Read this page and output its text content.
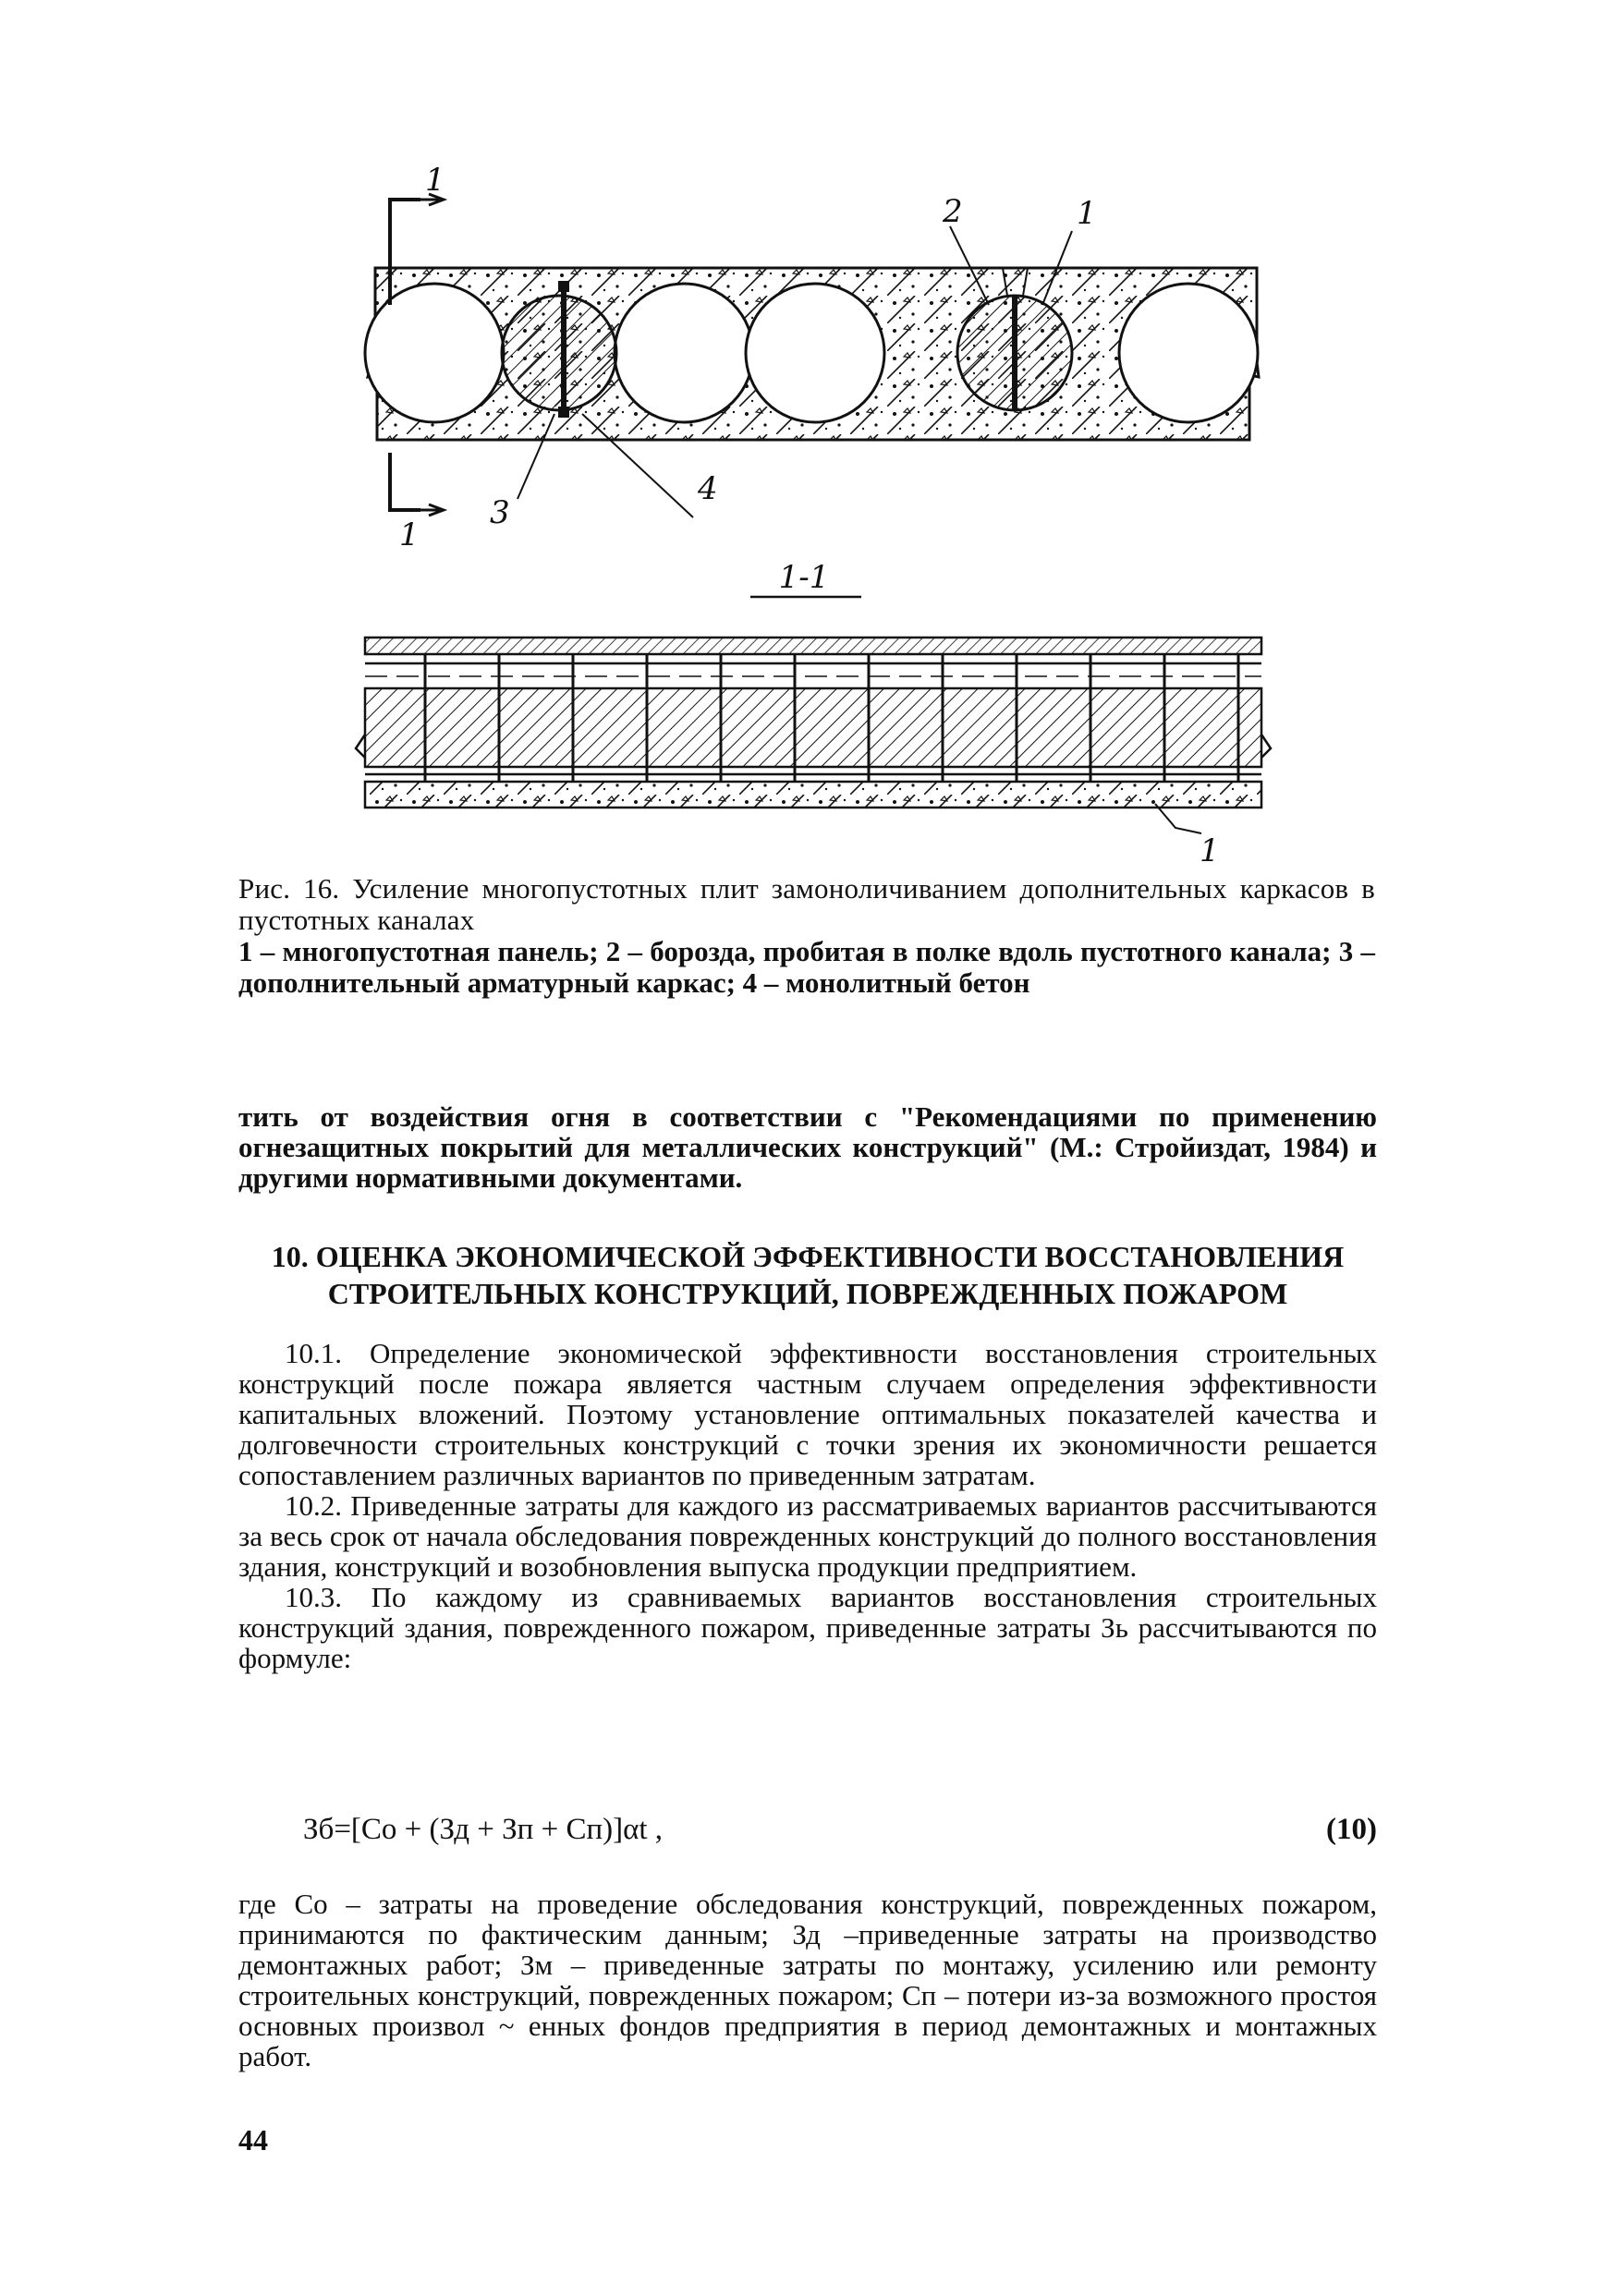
1
2	1
3
4
1
1-1
1

Рис. 16. Усиление многопустотных плит замоноличиванием дополнительных каркасов в пустотных каналах

1 – многопустотная панель; 2 – борозда, пробитая в полке вдоль пустотного канала; 3 – дополнительный арматурный каркас; 4 – монолитный бетон

тить от воздействия огня в соответствии с "Рекомендациями по применению огнезащитных покрытий для металлических конструкций" (М.: Стройиздат, 1984) и другими нормативными документами.

10. ОЦЕНКА ЭКОНОМИЧЕСКОЙ ЭФФЕКТИВНОСТИ ВОССТАНОВЛЕНИЯ
СТРОИТЕЛЬНЫХ КОНСТРУКЦИЙ, ПОВРЕЖДЕННЫХ ПОЖАРОМ

10.1. Определение экономической эффективности восстановления строительных конструкций после пожара является частным случаем определения эффективности капитальных вложений. Поэтому установление оптимальных показателей качества и долговечности строительных конструкций с точки зрения их экономичности решается сопоставлением различных вариантов по приведенным затратам.

10.2. Приведенные затраты для каждого из рассматриваемых вариантов рассчитываются за весь срок от начала обследования поврежденных конструкций до полного восстановления здания, конструкций и возобновления выпуска продукции предприятием.

10.3. По каждому из сравниваемых вариантов восстановления строительных конструкций здания, поврежденного пожаром, приведенные затраты Зь рассчитываются по формуле:

Зб=[Со + (Зд + Зп + Сп)]αt ,	(10)

где Со – затраты на проведение обследования конструкций, поврежденных пожаром, принимаются по фактическим данным; Зд –приведенные затраты на производство демонтажных работ; Зм – приведенные затраты по монтажу, усилению или ремонту строительных конструкций, поврежденных пожаром; Сп – потери из-за возможного простоя основных произвол ~ енных фондов предприятия в период демонтажных и монтажных работ.

44
